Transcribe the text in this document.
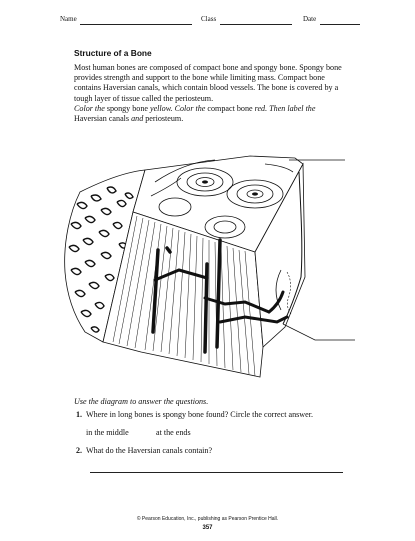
Name	Class	Date

Structure of a Bone

Most human bones are composed of compact bone and spongy bone. Spongy bone provides strength and support to the bone while limiting mass. Compact bone contains Haversian canals, which contain blood vessels. The bone is covered by a tough layer of tissue called the periosteum.

Color the spongy bone yellow. Color the compact bone red. Then label the Haversian canals and periosteum.

Use the diagram to answer the questions.

1. Where in long bones is spongy bone found? Circle the correct answer.
in the middle	at the ends
2. What do the Haversian canals contain?
© Pearson Education, Inc., publishing as Pearson Prentice Hall.
357
